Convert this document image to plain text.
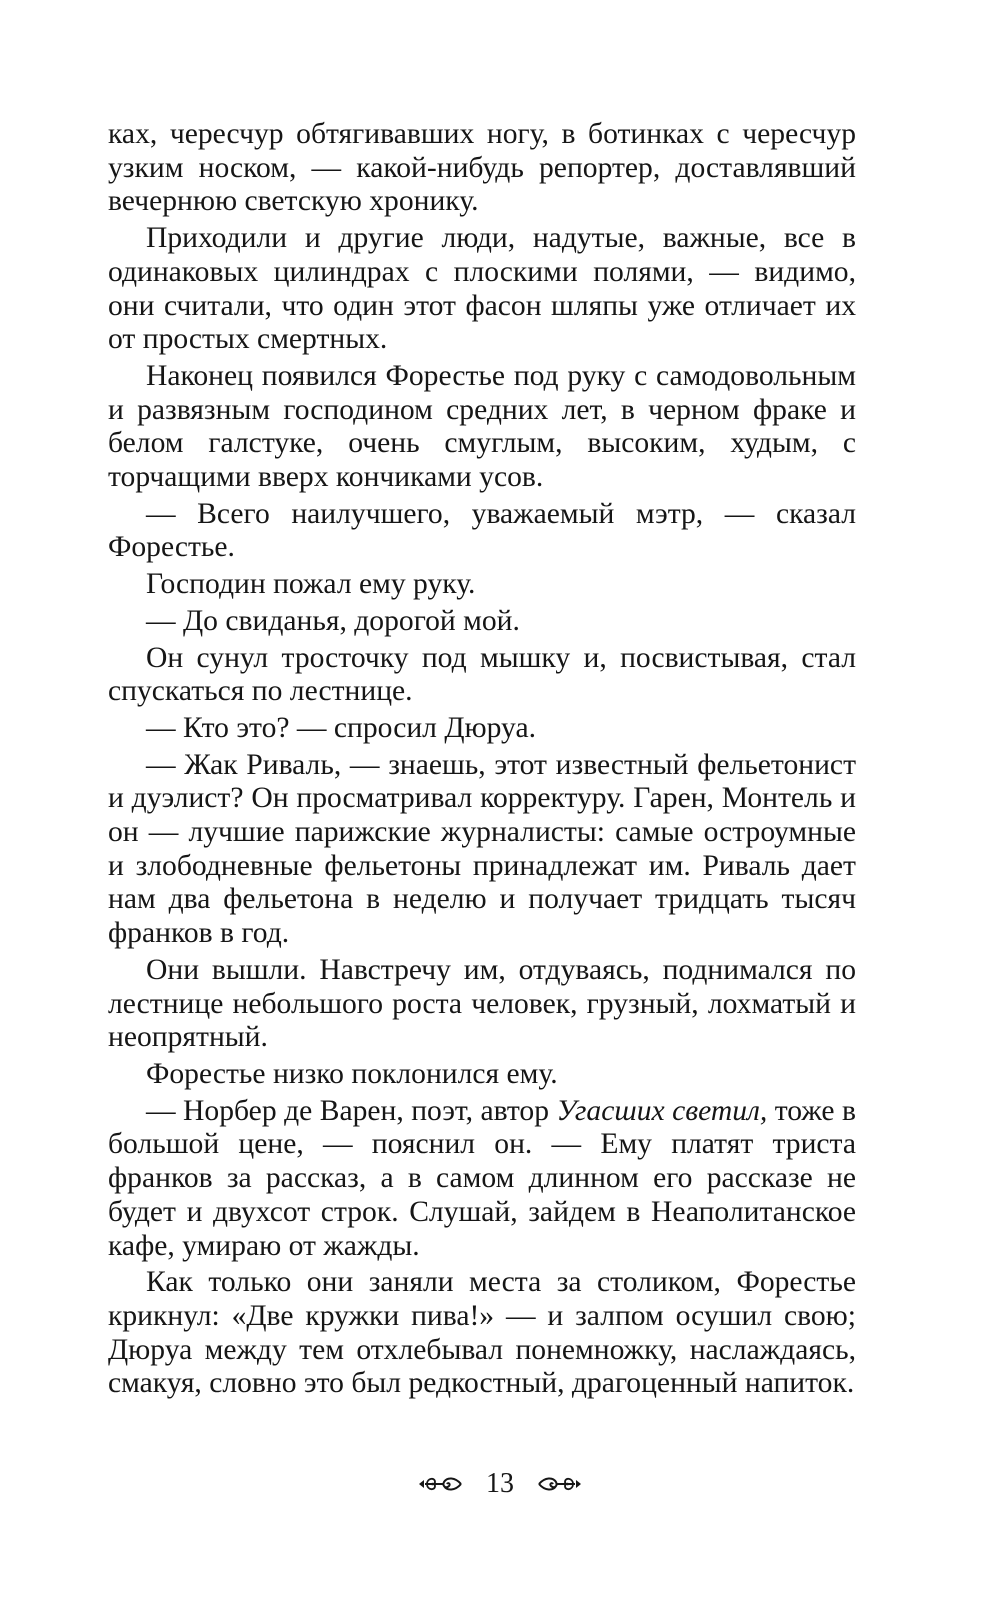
ках, чересчур обтягивавших ногу, в ботинках с чересчур узким носком, — какой-нибудь репортер, доставлявший вечернюю светскую хронику.

Приходили и другие люди, надутые, важные, все в одинаковых цилиндрах с плоскими полями, — видимо, они считали, что один этот фасон шляпы уже отличает их от простых смертных.

Наконец появился Форестье под руку с самодовольным и развязным господином средних лет, в черном фраке и белом галстуке, очень смуглым, высоким, худым, с торчащими вверх кончиками усов.

— Всего наилучшего, уважаемый мэтр, — сказал Форестье.

Господин пожал ему руку.

— До свиданья, дорогой мой.

Он сунул тросточку под мышку и, посвистывая, стал спускаться по лестнице.

— Кто это? — спросил Дюруа.

— Жак Риваль, — знаешь, этот известный фельетонист и дуэлист? Он просматривал корректуру. Гарен, Монтель и он — лучшие парижские журналисты: самые остроумные и злободневные фельетоны принадлежат им. Риваль дает нам два фельетона в неделю и получает тридцать тысяч франков в год.

Они вышли. Навстречу им, отдуваясь, поднимался по лестнице небольшого роста человек, грузный, лохматый и неопрятный.

Форестье низко поклонился ему.

— Норбер де Варен, поэт, автор Угасших светил, тоже в большой цене, — пояснил он. — Ему платят триста франков за рассказ, а в самом длинном его рассказе не будет и двухсот строк. Слушай, зайдем в Неаполитанское кафе, умираю от жажды.

Как только они заняли места за столиком, Форестье крикнул: «Две кружки пива!» — и залпом осушил свою; Дюруа между тем отхлебывал понемножку, наслаждаясь, смакуя, словно это был редкостный, драгоценный напиток.

13
